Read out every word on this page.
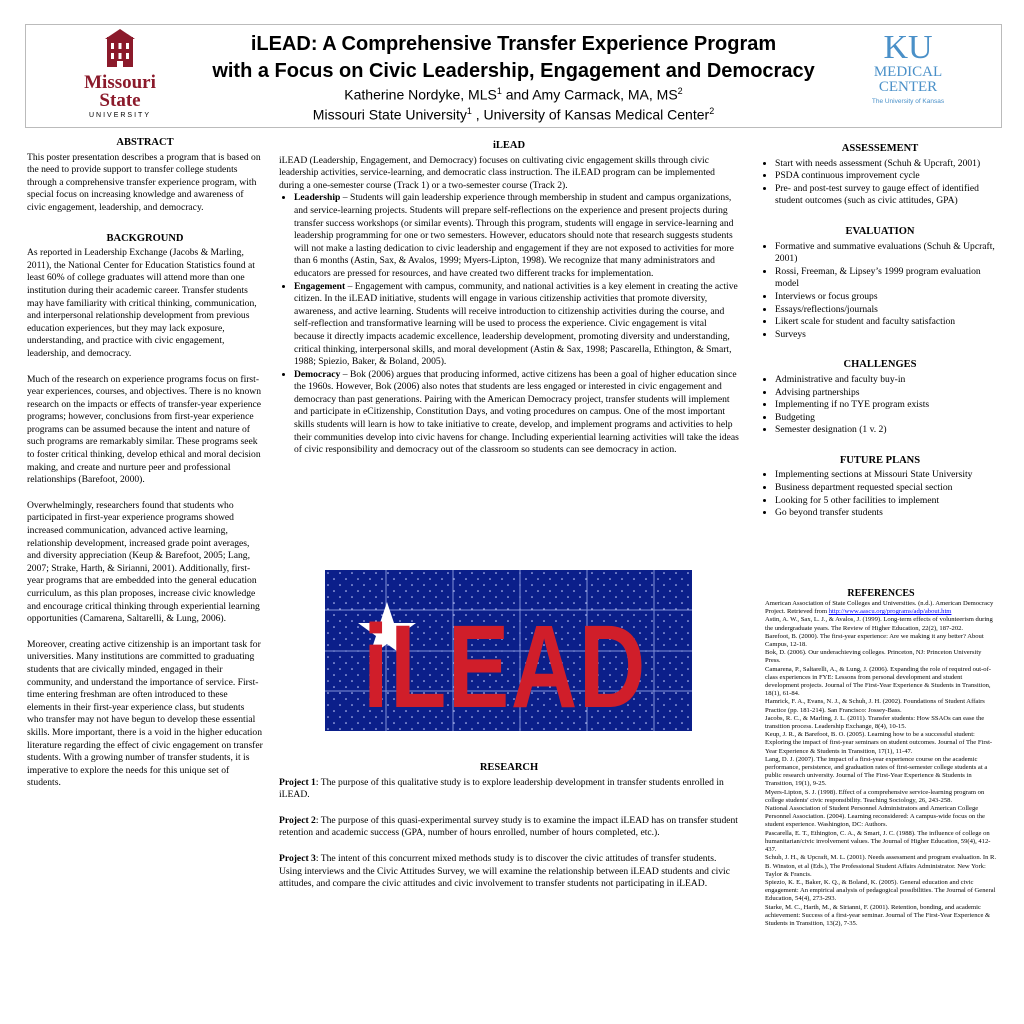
Missouri
State
UNIVERSITY
iLEAD: A Comprehensive Transfer Experience Program
with a Focus on Civic Leadership, Engagement and Democracy
Katherine Nordyke, MLS$^1$ and Amy Carmack, MA, $MS^2$
Missouri State University$^1$ , University of Kansas Medical Center$^2$
KU
MEDICAL
CENTER
The University of Kansas
ABSTRACT

This poster presentation describes a program that is based on the need to provide support to transfer college students through a comprehensive transfer experience program, with special focus on increasing knowledge and awareness of civic engagement, leadership, and democracy.

BACKGROUND

As reported in Leadership Exchange (Jacobs & Marling, 2011), the National Center for Education Statistics found at least 60% of college graduates will attend more than one institution during their academic career. Transfer students may have familiarity with critical thinking, communication, and interpersonal relationship development from previous education experiences, but they may lack exposure, understanding, and practice with civic engagement, leadership, and democracy.

Much of the research on experience programs focus on first-year experiences, courses, and objectives. There is no known research on the impacts or effects of transfer-year experience programs; however, conclusions from first-year experience programs can be assumed because the intent and nature of such programs are remarkably similar. These programs seek to foster critical thinking, develop ethical and moral decision making, and create and nurture peer and professional relationships (Barefoot, 2000).

Overwhelmingly, researchers found that students who participated in first-year experience programs showed increased communication, advanced active learning, relationship development, increased grade point averages, and diversity appreciation (Keup & Barefoot, 2005; Lang, 2007; Strake, Harth, & Sirianni, 2001). Additionally, first-year programs that are embedded into the general education curriculum, as this plan proposes, increase civic knowledge and encourage critical thinking through experiential learning opportunities (Camarena, Saltarelli, & Lung, 2006).

Moreover, creating active citizenship is an important task for universities. Many institutions are committed to graduating students that are civically minded, engaged in their community, and understand the importance of service. First-time entering freshman are often introduced to these elements in their first-year experience class, but students who transfer may not have begun to develop these essential skills. More important, there is a void in the higher education literature regarding the effect of civic engagement on transfer students. With a growing number of transfer students, it is imperative to explore the needs for this unique set of students.

iLEAD

iLEAD (Leadership, Engagement, and Democracy) focuses on cultivating civic engagement skills through civic leadership activities, service-learning, and democratic class instruction. The iLEAD program can be implemented during a one-semester course (Track 1) or a two-semester course (Track 2).

• Leadership – Students will gain leadership experience through membership in student and campus organizations, and service-learning projects. Students will prepare self-reflections on the experience and present projects during transfer success workshops (or similar events). Through this program, students will engage in service-learning and leadership programming for one or two semesters. However, educators should note that research suggests students will not make a lasting dedication to civic leadership and engagement if they are not exposed to activities for more than 6 months (Astin, Sax, & Avalos, 1999; Myers-Lipton, 1998). We recognize that many administrators and educators are pressed for resources, and have created two different tracks for implementation.
• Engagement – Engagement with campus, community, and national activities is a key element in creating the active citizen. In the iLEAD initiative, students will engage in various citizenship activities that promote diversity, awareness, and active learning. Students will receive introduction to citizenship activities during the course, and self-reflection and transformative learning will be used to process the experience. Civic engagement is vital because it directly impacts academic excellence, leadership development, promoting diversity and understanding, critical thinking, interpersonal skills, and moral development (Astin & Sax, 1998; Pascarella, Ethington, & Smart, 1988; Spiezio, Baker, & Boland, 2005).
• Democracy – Bok (2006) argues that producing informed, active citizens has been a goal of higher education since the 1960s. However, Bok (2006) also notes that students are less engaged or interested in civic engagement and democracy than past generations. Pairing with the American Democracy project, transfer students will implement and participate in eCitizenship, Constitution Days, and voting procedures on campus. One of the most important skills students will learn is how to take initiative to create, develop, and implement programs and activities to help their communities develop into civic havens for change. Including experiential learning activities will take the ideas of civic responsibility and democracy out of the classroom so students can see democracy in action.
iLEAD
RESEARCH

Project 1: The purpose of this qualitative study is to explore leadership development in transfer students enrolled in iLEAD.

Project 2: The purpose of this quasi-experimental survey study is to examine the impact iLEAD has on transfer student retention and academic success (GPA, number of hours enrolled, number of hours completed, etc.).

Project 3: The intent of this concurrent mixed methods study is to discover the civic attitudes of transfer students. Using interviews and the Civic Attitudes Survey, we will examine the relationship between iLEAD students and civic attitudes, and compare the civic attitudes and civic involvement to transfer students not participating in iLEAD.

ASSESSEMENT
• Start with needs assessment (Schuh & Upcraft, 2001)
• PSDA continuous improvement cycle
• Pre- and post-test survey to gauge effect of identified student outcomes (such as civic attitudes, GPA)
EVALUATION
• Formative and summative evaluations (Schuh & Upcraft, 2001)
• Rossi, Freeman, & Lipsey’s 1999 program evaluation model
• Interviews or focus groups
• Essays/reflections/journals
• Likert scale for student and faculty satisfaction
• Surveys
CHALLENGES
• Administrative and faculty buy-in
• Advising partnerships
• Implementing if no TYE program exists
• Budgeting
• Semester designation (1 v. 2)
FUTURE PLANS
• Implementing sections at Missouri State University
• Business department requested special section
• Looking for 5 other facilities to implement
• Go beyond transfer students
REFERENCES
American Association of State Colleges and Universities. (n.d.). American Democracy Project. Retrieved from http://www.aascu.org/programs/adp/about.htm
Astin, A. W., Sax, L. J., & Avalos, J. (1999). Long-term effects of volunteerism during the undergraduate years. The Review of Higher Education, 22(2), 187-202.
Barefoot, B. (2000). The first-year experience: Are we making it any better? About Campus, 12-18.
Bok, D. (2006). Our underachieving colleges. Princeton, NJ: Princeton University Press.
Camarena, P., Saltarelli, A., & Lung, J. (2006). Expanding the role of required out-of-class experiences in FYE: Lessons from personal development and student development projects. Journal of The First-Year Experience & Students in Transition, 18(1), 61-84.
Hamrick, F. A., Evans, N. J., & Schuh, J. H. (2002). Foundations of Student Affairs Practice (pp. 181-214). San Francisco: Jossey-Bass.
Jacobs, R. C., & Marling, J. L. (2011). Transfer students: How SSAOs can ease the transition process. Leadership Exchange, 8(4), 10-15.
Keup, J. R., & Barefoot, B. O. (2005). Learning how to be a successful student: Exploring the impact of first-year seminars on student outcomes. Journal of The First-Year Experience & Students in Transition, 17(1), 11-47.
Lang, D. J. (2007). The impact of a first-year experience course on the academic performance, persistence, and graduation rates of first-semester college students at a public research university. Journal of The First-Year Experience & Students in Transition, 19(1), 9-25.
Myers-Lipton, S. J. (1998). Effect of a comprehensive service-learning program on college students' civic responsibility. Teaching Sociology, 26, 243-258.
National Association of Student Personnel Administrators and American College Personnel Association. (2004). Learning reconsidered: A campus-wide focus on the student experience. Washington, DC: Authors.
Pascarella, E. T., Ethington, C. A., & Smart, J. C. (1988). The influence of college on humanitarian/civic involvement values. The Journal of Higher Education, 59(4), 412-437.
Schuh, J. H., & Upcraft, M. L. (2001). Needs assessment and program evaluation. In R. B. Winston, et al (Eds.), The Professional Student Affairs Administrator. New York: Taylor & Francis.
Spiezio, K. E., Baker, K. Q., & Boland, K. (2005). General education and civic engagement: An empirical analysis of pedagogical possibilities. The Journal of General Education, 54(4), 273-293.
Starke, M. C., Harth, M., & Sirianni, F. (2001). Retention, bonding, and academic achievement: Success of a first-year seminar. Journal of The First-Year Experience & Students in Transition, 13(2), 7-35.
